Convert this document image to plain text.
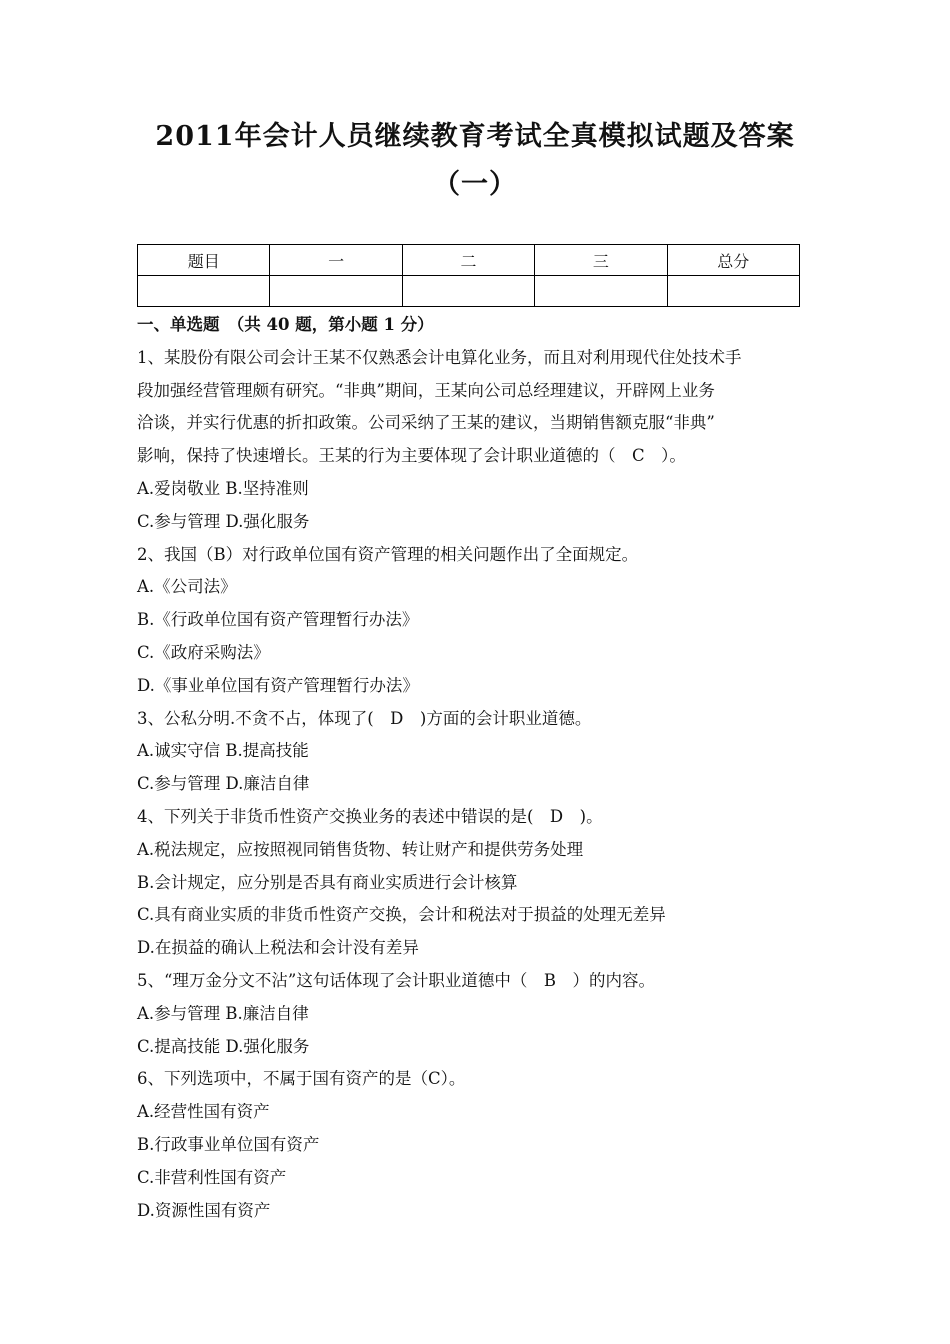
2011年会计人员继续教育考试全真模拟试题及答案
（一）
题目	一	二	三	总分

一、单选题　（共 40 题，第小题 1 分）

1、某股份有限公司会计王某不仅熟悉会计电算化业务，而且对利用现代住处技术手

段加强经营管理颇有研究。“非典”期间，王某向公司总经理建议，开辟网上业务

洽谈，并实行优惠的折扣政策。公司采纳了王某的建议，当期销售额克服“非典”

影响，保持了快速增长。王某的行为主要体现了会计职业道德的（　C　）。

A.爱岗敬业 B.坚持准则

C.参与管理 D.强化服务

2、我国（B）对行政单位国有资产管理的相关问题作出了全面规定。

A.《公司法》

B.《行政单位国有资产管理暂行办法》

C.《政府采购法》

D.《事业单位国有资产管理暂行办法》

3、公私分明.不贪不占，体现了(　D　)方面的会计职业道德。

A.诚实守信 B.提高技能

C.参与管理 D.廉洁自律

4、下列关于非货币性资产交换业务的表述中错误的是(　D　)。

A.税法规定，应按照视同销售货物、转让财产和提供劳务处理

B.会计规定，应分别是否具有商业实质进行会计核算

C.具有商业实质的非货币性资产交换，会计和税法对于损益的处理无差异

D.在损益的确认上税法和会计没有差异

5、“理万金分文不沾”这句话体现了会计职业道德中（　B　）的内容。

A.参与管理 B.廉洁自律

C.提高技能 D.强化服务

6、下列选项中，不属于国有资产的是（C）。

A.经营性国有资产

B.行政事业单位国有资产

C.非营利性国有资产

D.资源性国有资产
